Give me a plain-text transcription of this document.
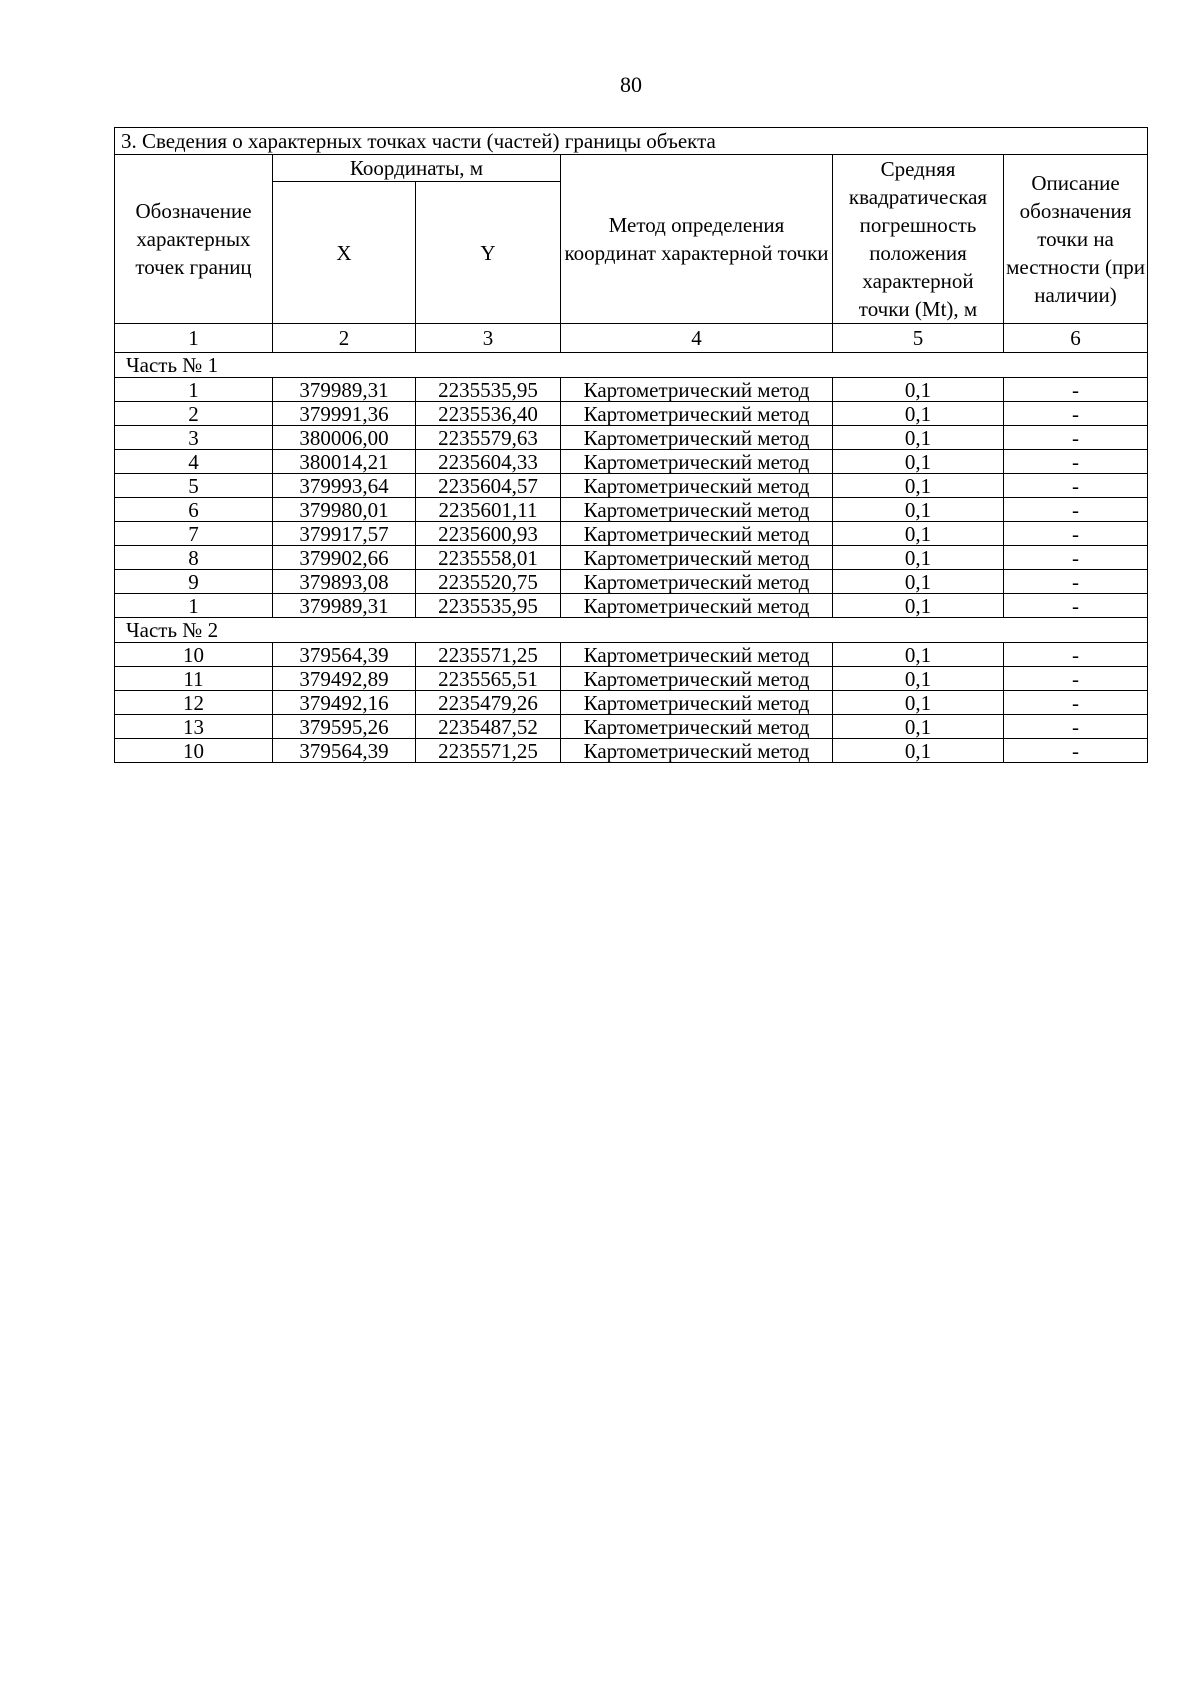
80
3. Сведения о характерных точках части (частей) границы объекта					
Обозначение характерных точек границ	Координаты, м		Метод определения координат характерной точки	Средняя квадратическая погрешность положения характерной точки (Mt), м	Описание обозначения точки на местности (при наличии)
	X	Y			
1	2	3	4	5	6
Часть № 1					
1	379989,31	2235535,95	Картометрический метод	0,1	-
2	379991,36	2235536,40	Картометрический метод	0,1	-
3	380006,00	2235579,63	Картометрический метод	0,1	-
4	380014,21	2235604,33	Картометрический метод	0,1	-
5	379993,64	2235604,57	Картометрический метод	0,1	-
6	379980,01	2235601,11	Картометрический метод	0,1	-
7	379917,57	2235600,93	Картометрический метод	0,1	-
8	379902,66	2235558,01	Картометрический метод	0,1	-
9	379893,08	2235520,75	Картометрический метод	0,1	-
1	379989,31	2235535,95	Картометрический метод	0,1	-
Часть № 2					
10	379564,39	2235571,25	Картометрический метод	0,1	-
11	379492,89	2235565,51	Картометрический метод	0,1	-
12	379492,16	2235479,26	Картометрический метод	0,1	-
13	379595,26	2235487,52	Картометрический метод	0,1	-
10	379564,39	2235571,25	Картометрический метод	0,1	-
